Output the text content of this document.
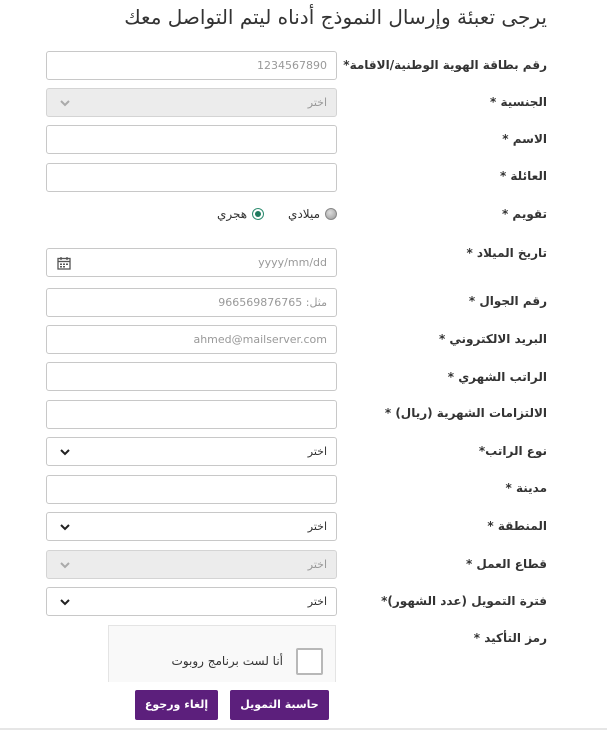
يرجى تعبئة وإرسال النموذج أدناه ليتم التواصل معك
رقم بطاقة الهوية الوطنية/الاقامة*
1234567890
الجنسية *
اختر
الاسم *
العائلة *
تقويم *
ميلادي
هجري
تاريخ الميلاد *
yyyy/mm/dd
رقم الجوال *
مثل: 966569876765
البريد الالكتروني *
ahmed@mailserver.com
الراتب الشهري *
الالتزامات الشهرية (ريال) *
نوع الراتب*
اختر
مدينة *
المنطقة *
اختر
قطاع العمل *
اختر
فترة التمويل (عدد الشهور)*
اختر
رمز التأكيد *
أنا لست برنامج روبوت
حاسبة التمويل
إلغاء ورجوع
